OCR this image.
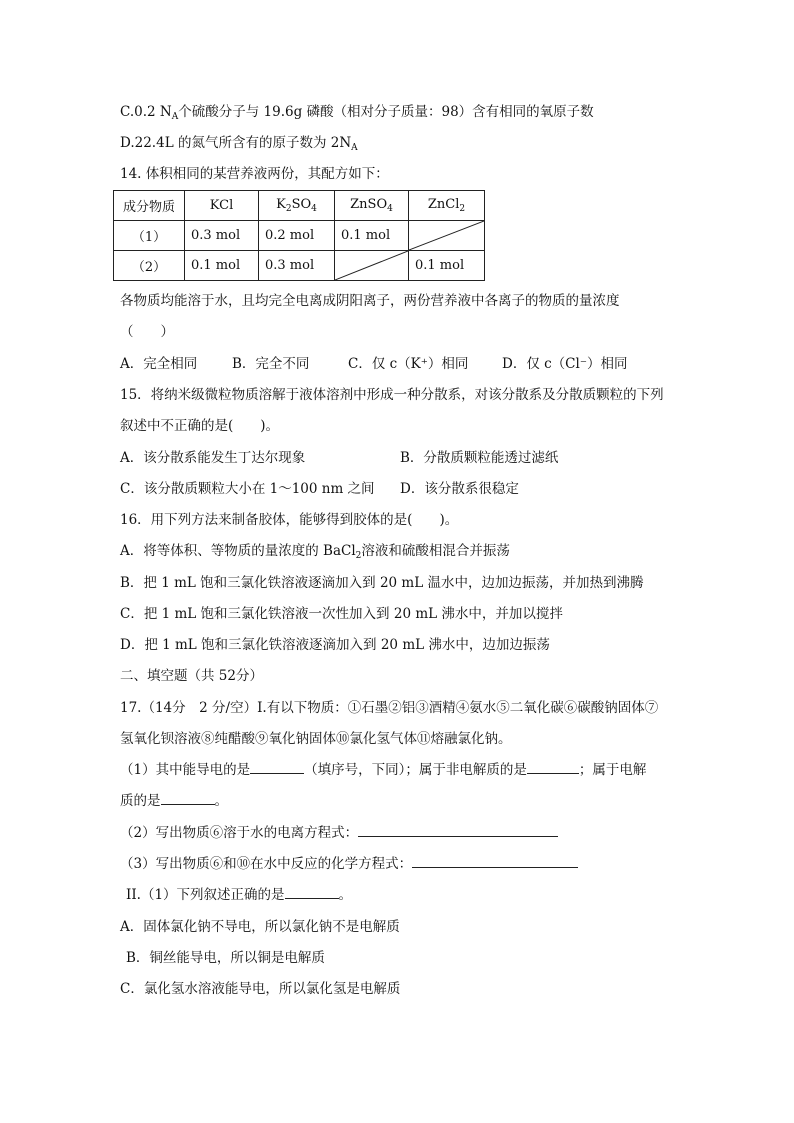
C.0.2 $N_A$个硫酸分子与 19.6g 磷酸（相对分子质量：98）含有相同的氧原子数
D.22.4L 的氮气所含有的原子数为 $2N_A$
14. 体积相同的某营养液两份，其配方如下：
成分物质	KCl	$K_2SO_4$	ZnSO$_4$	ZnCl$_2$
（1）	0.3 mol	0.2 mol	0.1 mol	

（2）	0.1 mol	0.3 mol		0.1 mol
各物质均能溶于水，且均完全电离成阴阳离子，两份营养液中各离子的物质的量浓度
（　　）
A．完全相同	B．完全不同	C．仅 c（K⁺）相同 D．仅 c（Cl⁻）相同
15．将纳米级微粒物质溶解于液体溶剂中形成一种分散系，对该分散系及分散质颗粒的下列
叙述中不正确的是(　　)。
A．该分散系能发生丁达尔现象	B．分散质颗粒能透过滤纸
C．该分散质颗粒大小在 1～100 nm 之间 D．该分散系很稳定
16．用下列方法来制备胶体，能够得到胶体的是(　　)。
A．将等体积、等物质的量浓度的 BaCl$_2$溶液和硫酸相混合并振荡
B．把 1 mL 饱和三氯化铁溶液逐滴加入到 20 mL 温水中，边加边振荡，并加热到沸腾
C．把 1 mL 饱和三氯化铁溶液一次性加入到 20 mL 沸水中，并加以搅拌
D．把 1 mL 饱和三氯化铁溶液逐滴加入到 20 mL 沸水中，边加边振荡
二、填空题（共 52分）
17.（14分　2 分/空）I.有以下物质：①石墨②铝③酒精④氨水⑤二氧化碳⑥碳酸钠固体⑦
氢氧化钡溶液⑧纯醋酸⑨氧化钠固体⑩氯化氢气体⑪熔融氯化钠。
（1）其中能导电的是	（填序号，下同）；属于非电解质的是	；属于电解
质的是	。
（2）写出物质⑥溶于水的电离方程式：
（3）写出物质⑥和⑩在水中反应的化学方程式：
II.（1）下列叙述正确的是	。
A．固体氯化钠不导电，所以氯化钠不是电解质
B．铜丝能导电，所以铜是电解质
C．氯化氢水溶液能导电，所以氯化氢是电解质
